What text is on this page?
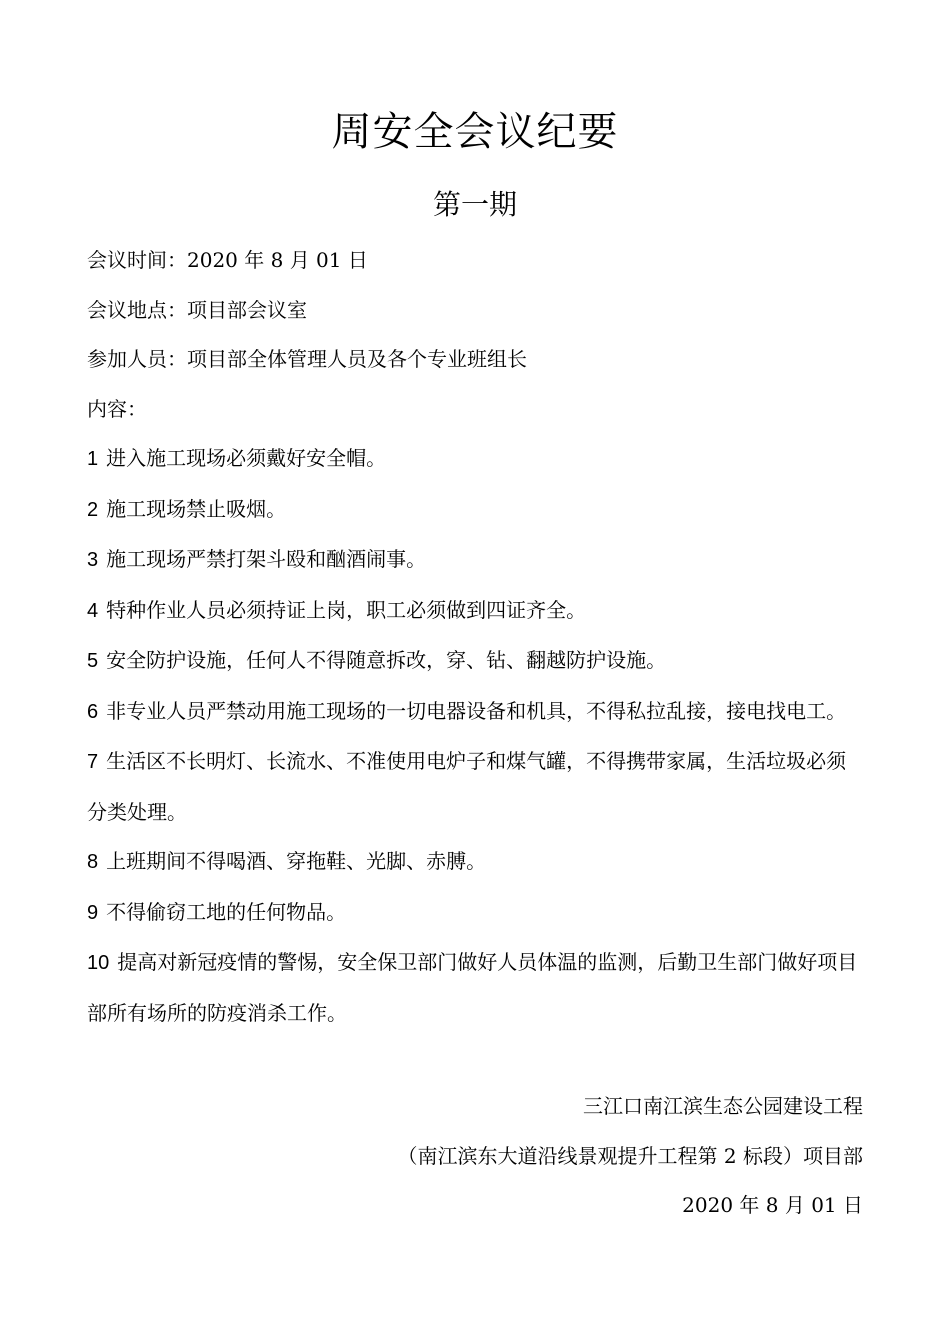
周安全会议纪要
第一期

会议时间：2020 年 8 月 01 日

会议地点：项目部会议室

参加人员：项目部全体管理人员及各个专业班组长

内容：

1 进入施工现场必须戴好安全帽。

2 施工现场禁止吸烟。

3 施工现场严禁打架斗殴和酗酒闹事。

4 特种作业人员必须持证上岗，职工必须做到四证齐全。

5 安全防护设施，任何人不得随意拆改，穿、钻、翻越防护设施。

6 非专业人员严禁动用施工现场的一切电器设备和机具，不得私拉乱接，接电找电工。

7 生活区不长明灯、长流水、不准使用电炉子和煤气罐，不得携带家属，生活垃圾必须分类处理。

8 上班期间不得喝酒、穿拖鞋、光脚、赤膊。

9 不得偷窃工地的任何物品。

10 提高对新冠疫情的警惕，安全保卫部门做好人员体温的监测，后勤卫生部门做好项目部所有场所的防疫消杀工作。

三江口南江滨生态公园建设工程

（南江滨东大道沿线景观提升工程第 2 标段）项目部

2020 年 8 月 01 日
